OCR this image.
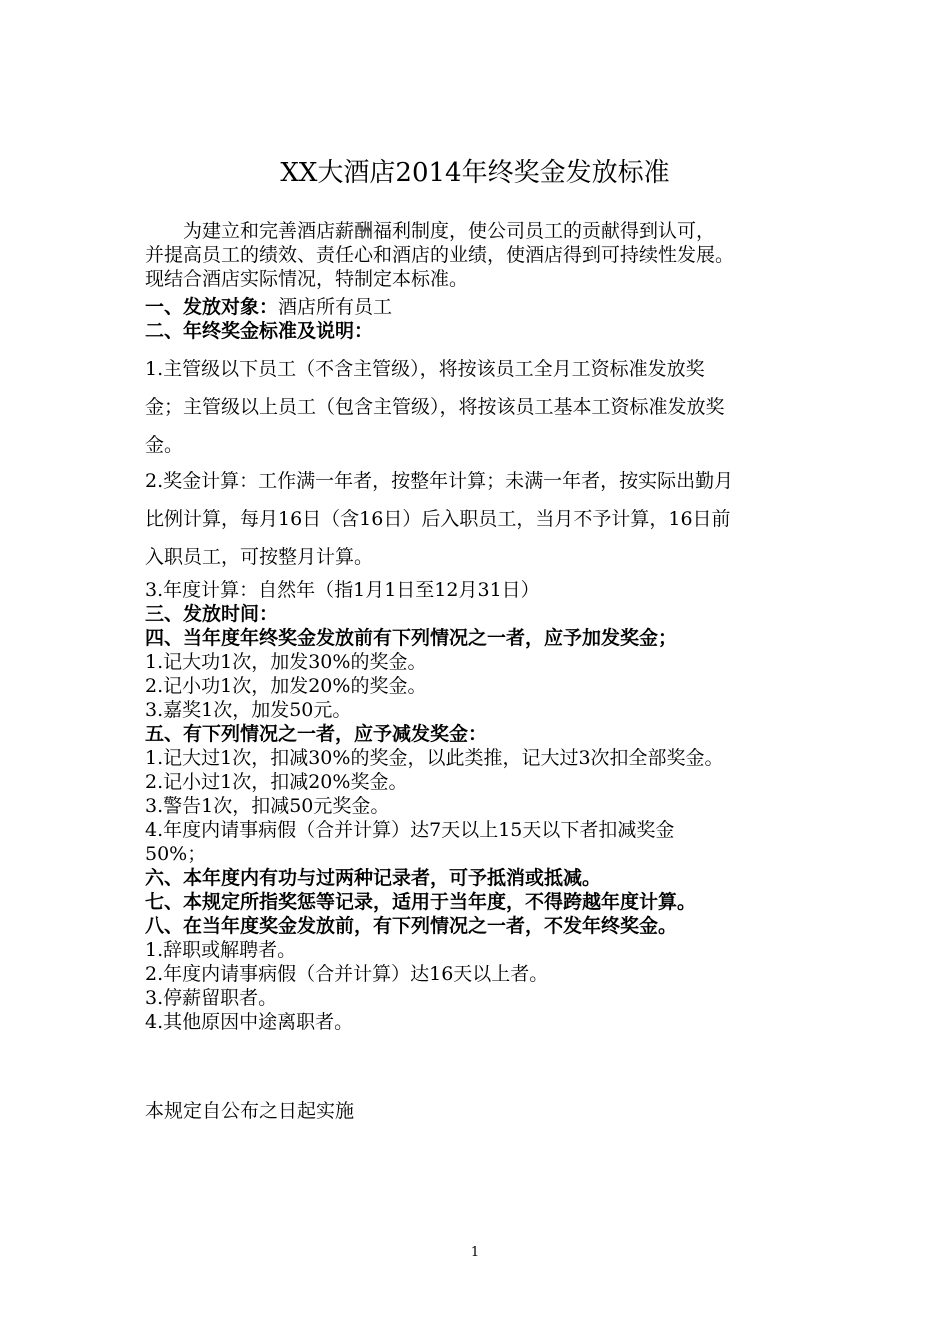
XX大酒店2014年终奖金发放标准

为建立和完善酒店薪酬福利制度，使公司员工的贡献得到认可，

并提高员工的绩效、责任心和酒店的业绩，使酒店得到可持续性发展。
现结合酒店实际情况，特制定本标准。
一、发放对象：酒店所有员工
二、年终奖金标准及说明：
1.主管级以下员工（不含主管级），将按该员工全月工资标准发放奖
金；主管级以上员工（包含主管级），将按该员工基本工资标准发放奖
金。
2.奖金计算：工作满一年者，按整年计算；未满一年者，按实际出勤月
比例计算，每月16日（含16日）后入职员工，当月不予计算，16日前
入职员工，可按整月计算。
3.年度计算：自然年（指1月1日至12月31日）
三、发放时间：
四、当年度年终奖金发放前有下列情况之一者，应予加发奖金；
1.记大功1次，加发30%的奖金。
2.记小功1次，加发20%的奖金。
3.嘉奖1次，加发50元。
五、有下列情况之一者，应予减发奖金：
1.记大过1次，扣减30%的奖金，以此类推，记大过3次扣全部奖金。
2.记小过1次，扣减20%奖金。
3.警告1次，扣减50元奖金。
4.年度内请事病假（合并计算）达7天以上15天以下者扣减奖金
50%；
六、本年度内有功与过两种记录者，可予抵消或抵减。
七、本规定所指奖惩等记录，适用于当年度，不得跨越年度计算。
八、在当年度奖金发放前，有下列情况之一者，不发年终奖金。
1.辞职或解聘者。
2.年度内请事病假（合并计算）达16天以上者。
3.停薪留职者。
4.其他原因中途离职者。
本规定自公布之日起实施
1
